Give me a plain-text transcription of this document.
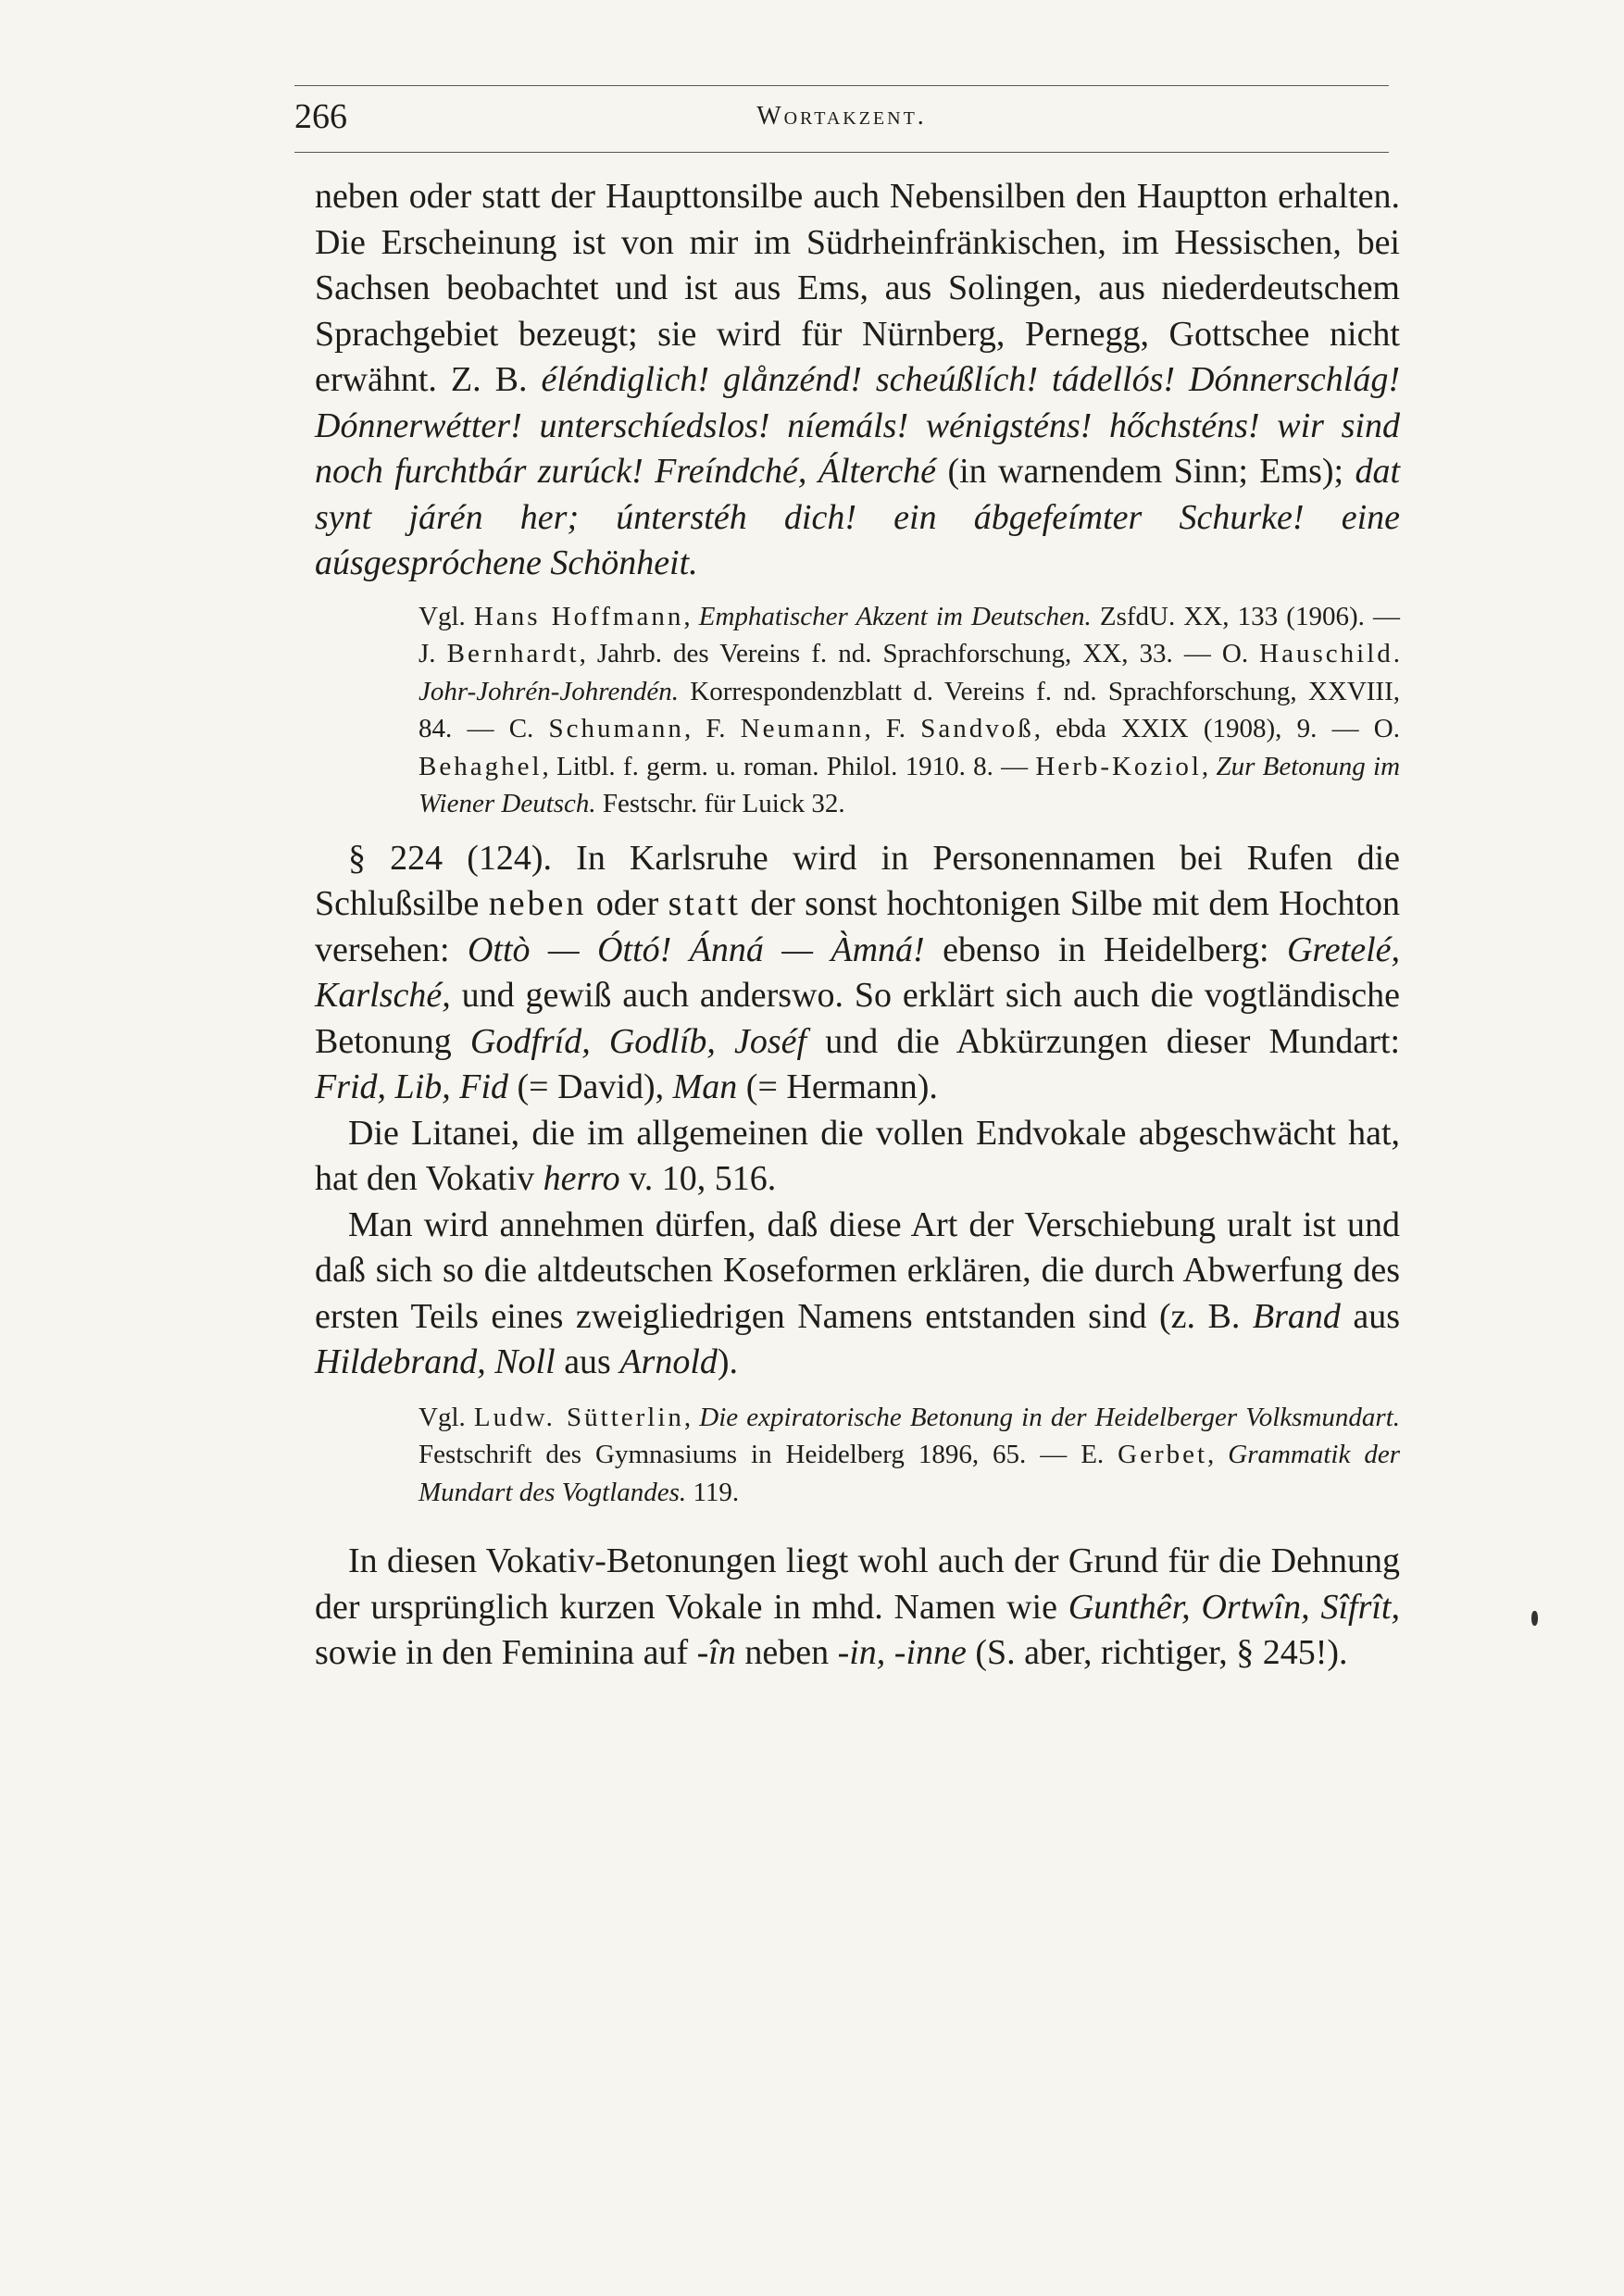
266	Wortakzent.

neben oder statt der Haupttonsilbe auch Nebensilben den Hauptton erhalten. Die Erscheinung ist von mir im Südrheinfränkischen, im Hessischen, bei Sachsen beobachtet und ist aus Ems, aus Solingen, aus niederdeutschem Sprachgebiet bezeugt; sie wird für Nürnberg, Pernegg, Gottschee nicht erwähnt. Z. B. éléndiglich! glånzénd! scheúßlích! tádellós! Dónnerschlág! Dónnerwétter! unterschíedslos! níemáls! wénigsténs! hőchsténs! wir sind noch furchtbár zurúck! Freíndché, Álterché (in warnendem Sinn; Ems); dat synt járén her; únterstéh dich! ein ábgefeímter Schurke! eine aúsgespróchene Schönheit.

Vgl. Hans Hoffmann, Emphatischer Akzent im Deutschen. ZsfdU. XX, 133 (1906). — J. Bernhardt, Jahrb. des Vereins f. nd. Sprachforschung, XX, 33. — O. Hauschild. Johr-Johrén-Johrendén. Korrespondenzblatt d. Vereins f. nd. Sprachforschung, XXVIII, 84. — C. Schumann, F. Neumann, F. Sandvoß, ebda XXIX (1908), 9. — O. Behaghel, Litbl. f. germ. u. roman. Philol. 1910. 8. — Herb-Koziol, Zur Betonung im Wiener Deutsch. Festschr. für Luick 32.

§ 224 (124). In Karlsruhe wird in Personennamen bei Rufen die Schlußsilbe neben oder statt der sonst hochtonigen Silbe mit dem Hochton versehen: Ottò — Óttó! Ánná — Àmná! ebenso in Heidelberg: Gretelé, Karlsché, und gewiß auch anderswo. So erklärt sich auch die vogtländische Betonung Godfríd, Godlíb, Joséf und die Abkürzungen dieser Mundart: Frid, Lib, Fid (= David), Man (= Hermann).

Die Litanei, die im allgemeinen die vollen Endvokale abgeschwächt hat, hat den Vokativ herro v. 10, 516.

Man wird annehmen dürfen, daß diese Art der Verschiebung uralt ist und daß sich so die altdeutschen Koseformen erklären, die durch Abwerfung des ersten Teils eines zweigliedrigen Namens entstanden sind (z. B. Brand aus Hildebrand, Noll aus Arnold).

Vgl. Ludw. Sütterlin, Die expiratorische Betonung in der Heidelberger Volksmundart. Festschrift des Gymnasiums in Heidelberg 1896, 65. — E. Gerbet, Grammatik der Mundart des Vogtlandes. 119.

In diesen Vokativ-Betonungen liegt wohl auch der Grund für die Dehnung der ursprünglich kurzen Vokale in mhd. Namen wie Gunthêr, Ortwîn, Sîfrît, sowie in den Feminina auf -în neben -in, -inne (S. aber, richtiger, § 245!).
